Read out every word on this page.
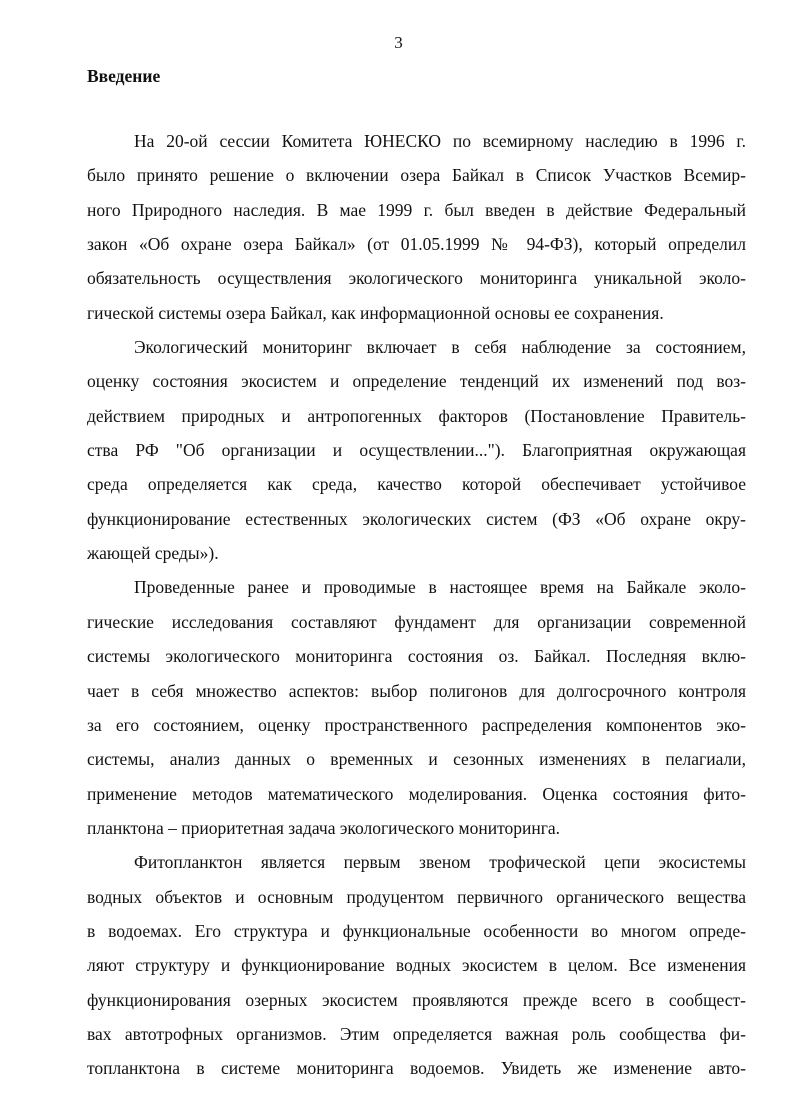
3
Введение
На 20-ой сессии Комитета ЮНЕСКО по всемирному наследию в 1996 г.
было принято решение о включении озера Байкал в Список Участков Всемир-
ного Природного наследия. В мае 1999 г. был введен в действие Федеральный
закон «Об охране озера Байкал» (от 01.05.1999 № 94-ФЗ), который определил
обязательность осуществления экологического мониторинга уникальной эколо-
гической системы озера Байкал, как информационной основы ее сохранения.
Экологический мониторинг включает в себя наблюдение за состоянием,
оценку состояния экосистем и определение тенденций их изменений под воз-
действием природных и антропогенных факторов (Постановление Правитель-
ства РФ "Об организации и осуществлении..."). Благоприятная окружающая
среда определяется как среда, качество которой обеспечивает устойчивое
функционирование естественных экологических систем (ФЗ «Об охране окру-
жающей среды»).
Проведенные ранее и проводимые в настоящее время на Байкале эколо-
гические исследования составляют фундамент для организации современной
системы экологического мониторинга состояния оз. Байкал. Последняя вклю-
чает в себя множество аспектов: выбор полигонов для долгосрочного контроля
за его состоянием, оценку пространственного распределения компонентов эко-
системы, анализ данных о временных и сезонных изменениях в пелагиали,
применение методов математического моделирования. Оценка состояния фито-
планктона – приоритетная задача экологического мониторинга.
Фитопланктон является первым звеном трофической цепи экосистемы
водных объектов и основным продуцентом первичного органического вещества
в водоемах. Его структура и функциональные особенности во многом опреде-
ляют структуру и функционирование водных экосистем в целом. Все изменения
функционирования озерных экосистем проявляются прежде всего в сообщест-
вах автотрофных организмов. Этим определяется важная роль сообщества фи-
топланктона в системе мониторинга водоемов. Увидеть же изменение авто-
